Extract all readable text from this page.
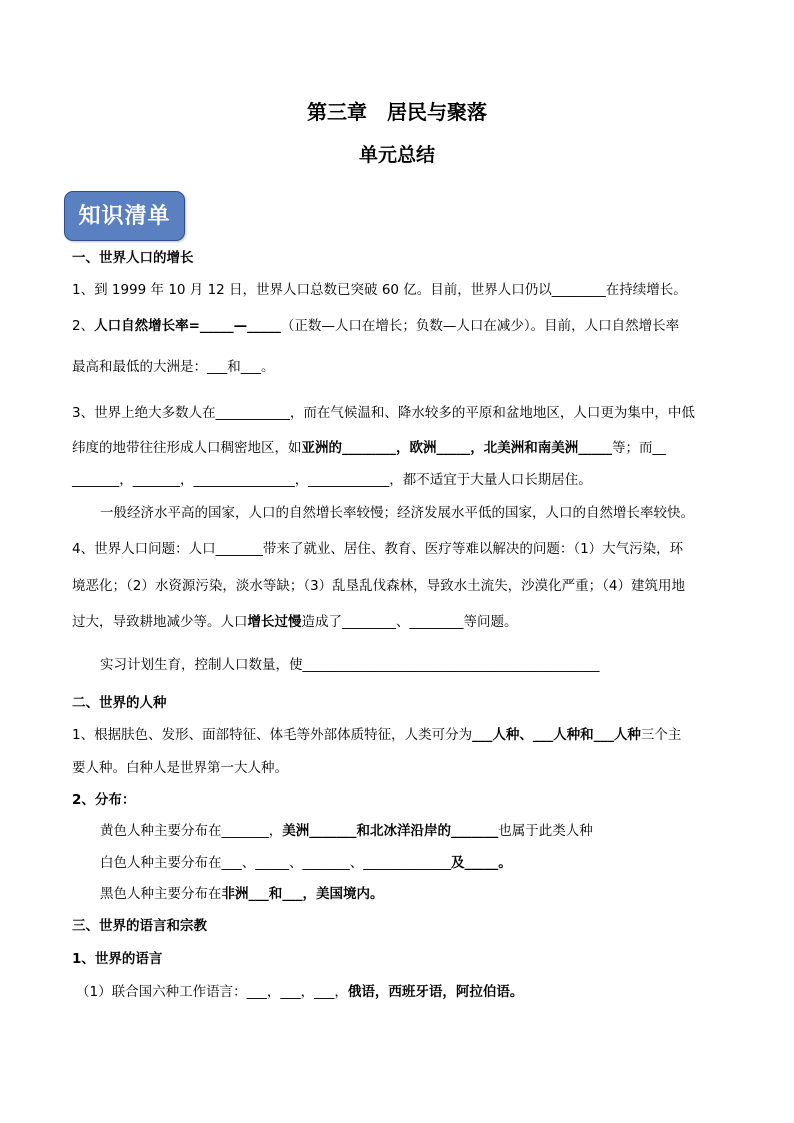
第三章　居民与聚落
单元总结
知识清单
一、世界人口的增长
1、到 1999 年 10 月 12 日，世界人口总数已突破 60 亿。目前，世界人口仍以________在持续增长。
2、人口自然增长率=_____—_____（正数—人口在增长；负数—人口在减少）。目前，人口自然增长率
最高和最低的大洲是：___和___。
3、世界上绝大多数人在___________，而在气候温和、降水较多的平原和盆地地区，人口更为集中，中低
纬度的地带往往形成人口稠密地区，如亚洲的________，欧洲_____，北美洲和南美洲_____等；而__
_______，_______，_______________，____________，都不适宜于大量人口长期居住。
一般经济水平高的国家，人口的自然增长率较慢；经济发展水平低的国家，人口的自然增长率较快。
4、世界人口问题：人口_______带来了就业、居住、教育、医疗等难以解决的问题：（1）大气污染，环
境恶化；（2）水资源污染，淡水等缺；（3）乱垦乱伐森林，导致水土流失，沙漠化严重；（4）建筑用地
过大，导致耕地减少等。人口增长过慢造成了________、________等问题。
实习计划生育，控制人口数量，使____________________________________________
二、世界的人种
1、根据肤色、发形、面部特征、体毛等外部体质特征，人类可分为___人种、___人种和___人种三个主
要人种。白种人是世界第一大人种。
2、分布：
黄色人种主要分布在_______，美洲_______和北冰洋沿岸的_______也属于此类人种
白色人种主要分布在___、_____、_______、_____________及_____。
黑色人种主要分布在非洲___和___，美国境内。
三、世界的语言和宗教
1、世界的语言
（1）联合国六种工作语言：___，___，___，俄语，西班牙语，阿拉伯语。
